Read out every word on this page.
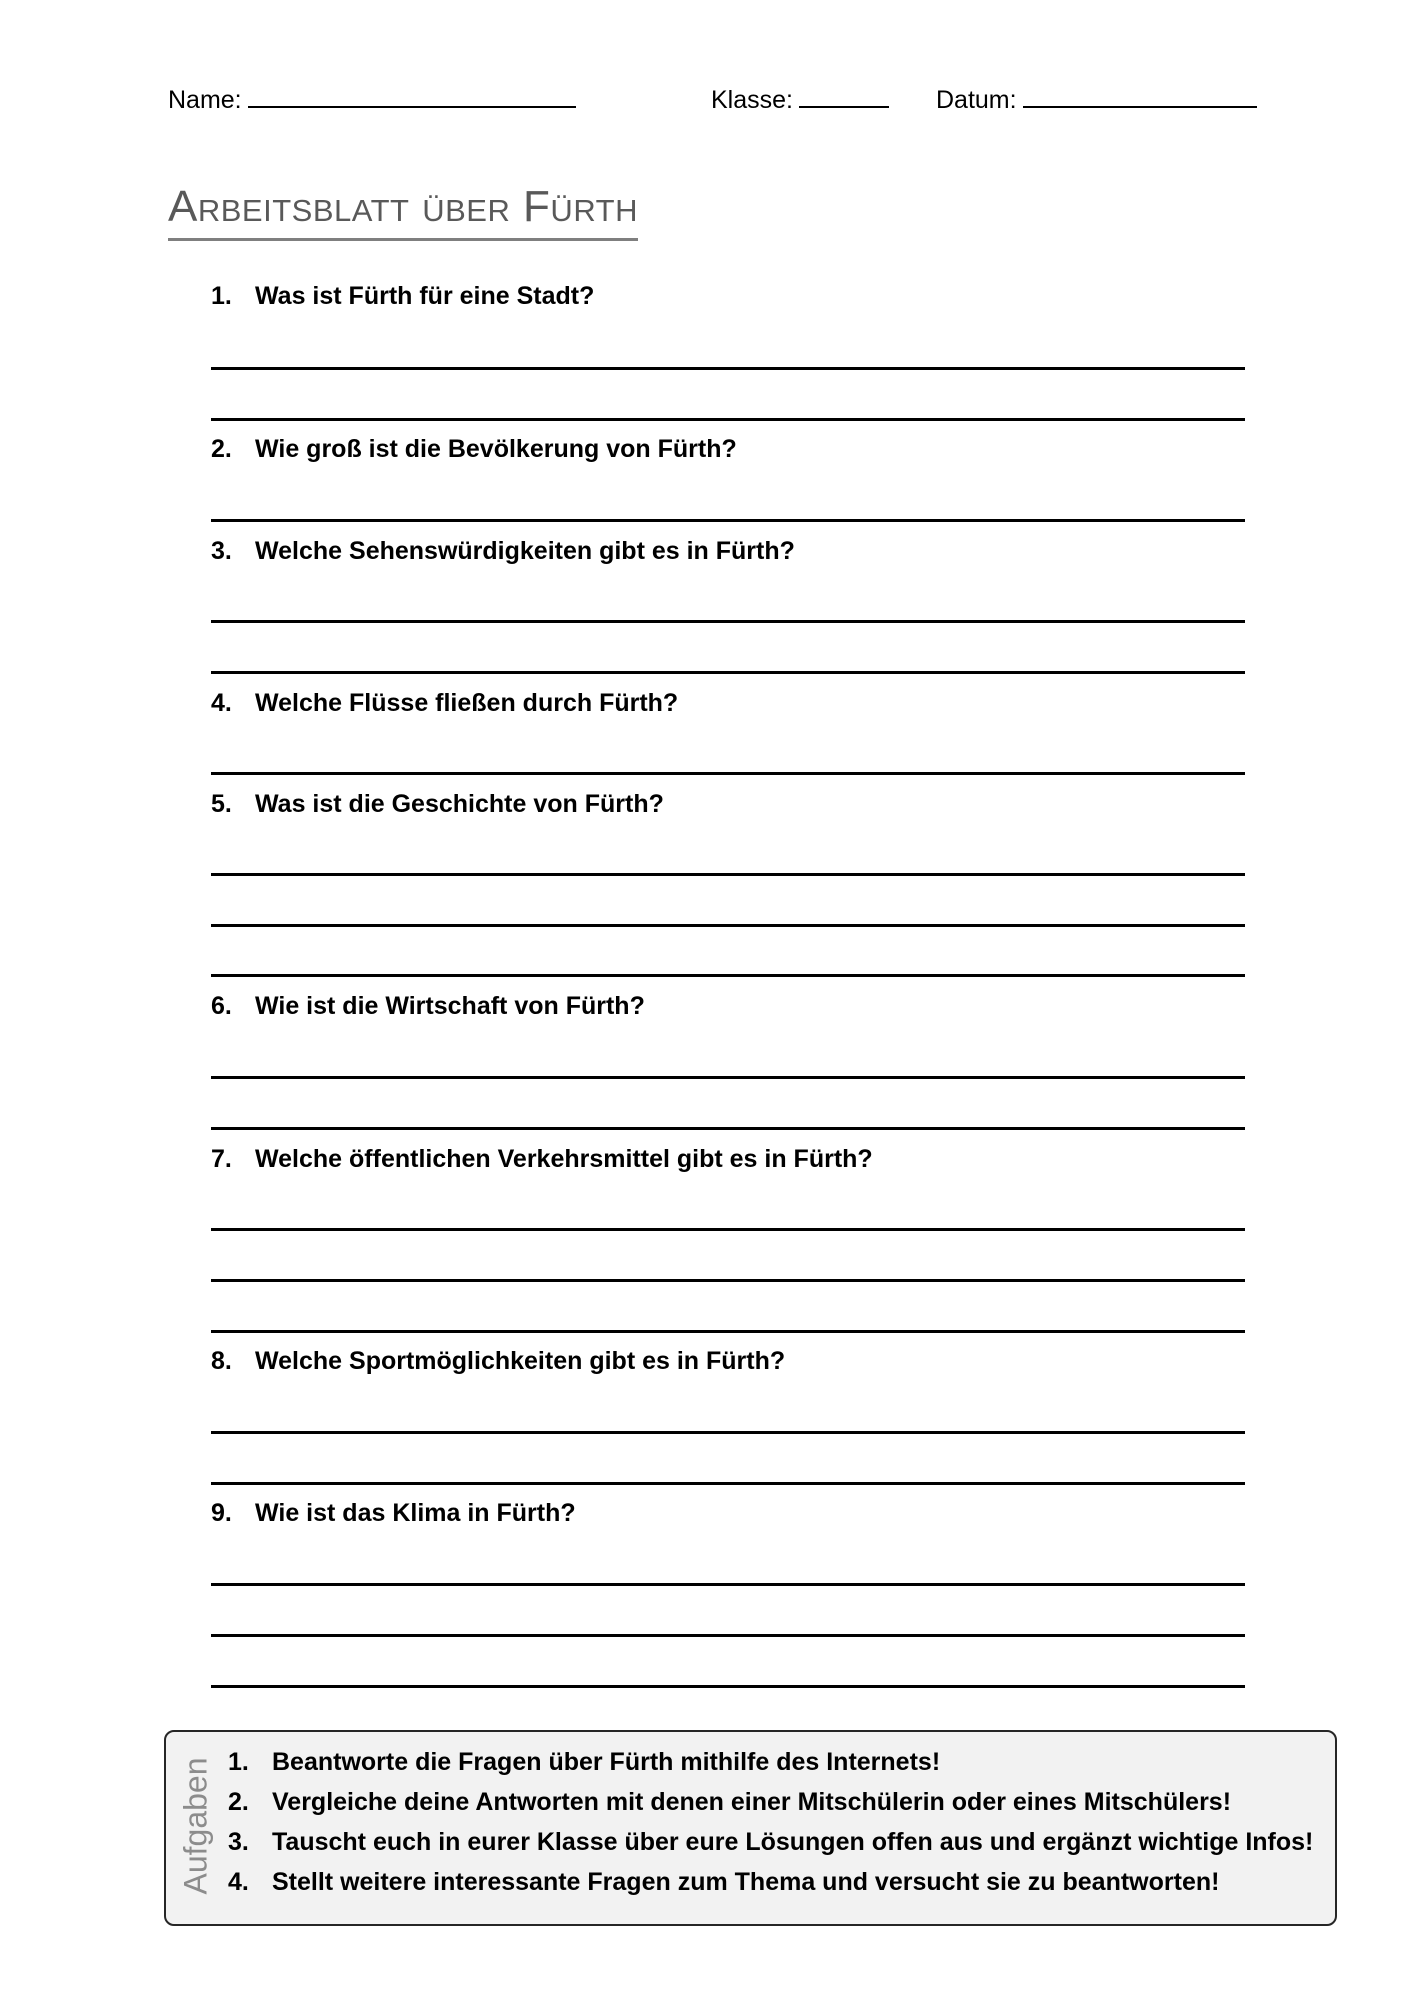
Name:	Klasse:	Datum:
Arbeitsblatt über Fürth
1. Was ist Fürth für eine Stadt?
2. Wie groß ist die Bevölkerung von Fürth?
3. Welche Sehenswürdigkeiten gibt es in Fürth?
4. Welche Flüsse fließen durch Fürth?
5. Was ist die Geschichte von Fürth?
6. Wie ist die Wirtschaft von Fürth?
7. Welche öffentlichen Verkehrsmittel gibt es in Fürth?
8. Welche Sportmöglichkeiten gibt es in Fürth?
9. Wie ist das Klima in Fürth?
Aufgaben 1. Beantworte die Fragen über Fürth mithilfe des Internets!
2. Vergleiche deine Antworten mit denen einer Mitschülerin oder eines Mitschülers!
3. Tauscht euch in eurer Klasse über eure Lösungen offen aus und ergänzt wichtige Infos!
4. Stellt weitere interessante Fragen zum Thema und versucht sie zu beantworten!
